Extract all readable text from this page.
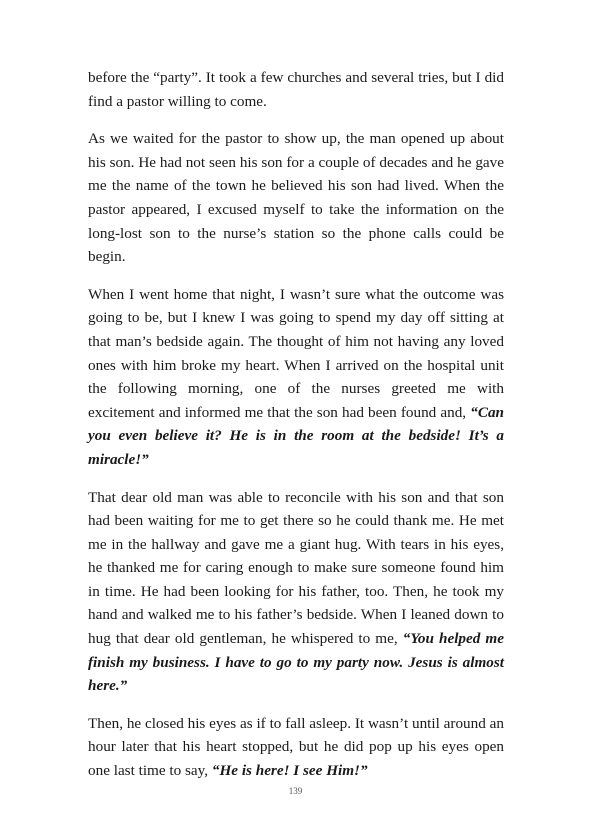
before the “party”. It took a few churches and several tries, but I did find a pastor willing to come.

As we waited for the pastor to show up, the man opened up about his son. He had not seen his son for a couple of decades and he gave me the name of the town he believed his son had lived. When the pastor appeared, I excused myself to take the information on the long-lost son to the nurse’s station so the phone calls could be begin.

When I went home that night, I wasn’t sure what the outcome was going to be, but I knew I was going to spend my day off sitting at that man’s bedside again. The thought of him not having any loved ones with him broke my heart. When I arrived on the hospital unit the following morning, one of the nurses greeted me with excitement and informed me that the son had been found and, “Can you even believe it? He is in the room at the bedside! It’s a miracle!”

That dear old man was able to reconcile with his son and that son had been waiting for me to get there so he could thank me. He met me in the hallway and gave me a giant hug. With tears in his eyes, he thanked me for caring enough to make sure someone found him in time. He had been looking for his father, too. Then, he took my hand and walked me to his father’s bedside. When I leaned down to hug that dear old gentleman, he whispered to me, “You helped me finish my business. I have to go to my party now. Jesus is almost here.”

Then, he closed his eyes as if to fall asleep. It wasn’t until around an hour later that his heart stopped, but he did pop up his eyes open one last time to say, “He is here! I see Him!”

139
